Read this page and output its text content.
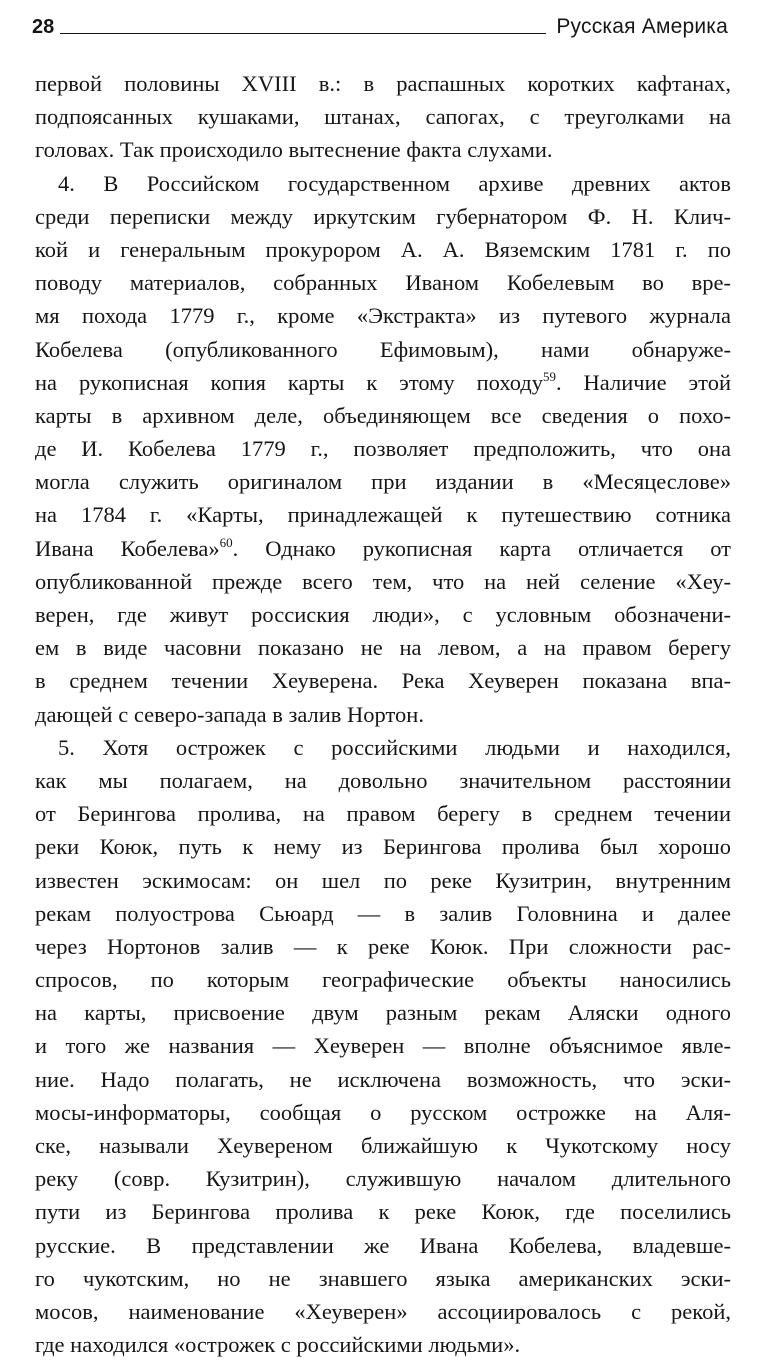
28	Русская Америка
первой половины XVIII в.: в распашных коротких кафтанах,
подпоясанных кушаками, штанах, сапогах, с треуголками на
головах. Так происходило вытеснение факта слухами.
4. В Российском государственном архиве древних актов
среди переписки между иркутским губернатором Ф. Н. Клич-
кой и генеральным прокурором А. А. Вяземским 1781 г. по
поводу материалов, собранных Иваном Кобелевым во вре-
мя похода 1779 г., кроме «Экстракта» из путевого журнала
Кобелева (опубликованного Ефимовым), нами обнаруже-
на рукописная копия карты к этому походу$^{59}$. Наличие этой
карты в архивном деле, объединяющем все сведения о похо-
де И. Кобелева 1779 г., позволяет предположить, что она
могла служить оригиналом при издании в «Месяцеслове»
на 1784 г. «Карты, принадлежащей к путешествию сотника
Ивана Кобелева»$^{60}$. Однако рукописная карта отличается от
опубликованной прежде всего тем, что на ней селение «Хеу-
верен, где живут россиския люди», с условным обозначени-
ем в виде часовни показано не на левом, а на правом берегу
в среднем течении Хеуверена. Река Хеуверен показана впа-
дающей с северо-запада в залив Нортон.
5. Хотя острожек с российскими людьми и находился,
как мы полагаем, на довольно значительном расстоянии
от Берингова пролива, на правом берегу в среднем течении
реки Коюк, путь к нему из Берингова пролива был хорошо
известен эскимосам: он шел по реке Кузитрин, внутренним
рекам полуострова Сьюард — в залив Головнина и далее
через Нортонов залив — к реке Коюк. При сложности рас-
спросов, по которым географические объекты наносились
на карты, присвоение двум разным рекам Аляски одного
и того же названия — Хеуверен — вполне объяснимое явле-
ние. Надо полагать, не исключена возможность, что эски-
мосы-информаторы, сообщая о русском острожке на Аля-
ске, называли Хеувереном ближайшую к Чукотскому носу
реку (совр. Кузитрин), служившую началом длительного
пути из Берингова пролива к реке Коюк, где поселились
русские. В представлении же Ивана Кобелева, владевше-
го чукотским, но не знавшего языка американских эски-
мосов, наименование «Хеуверен» ассоциировалось с рекой,
где находился «острожек с российскими людьми».
